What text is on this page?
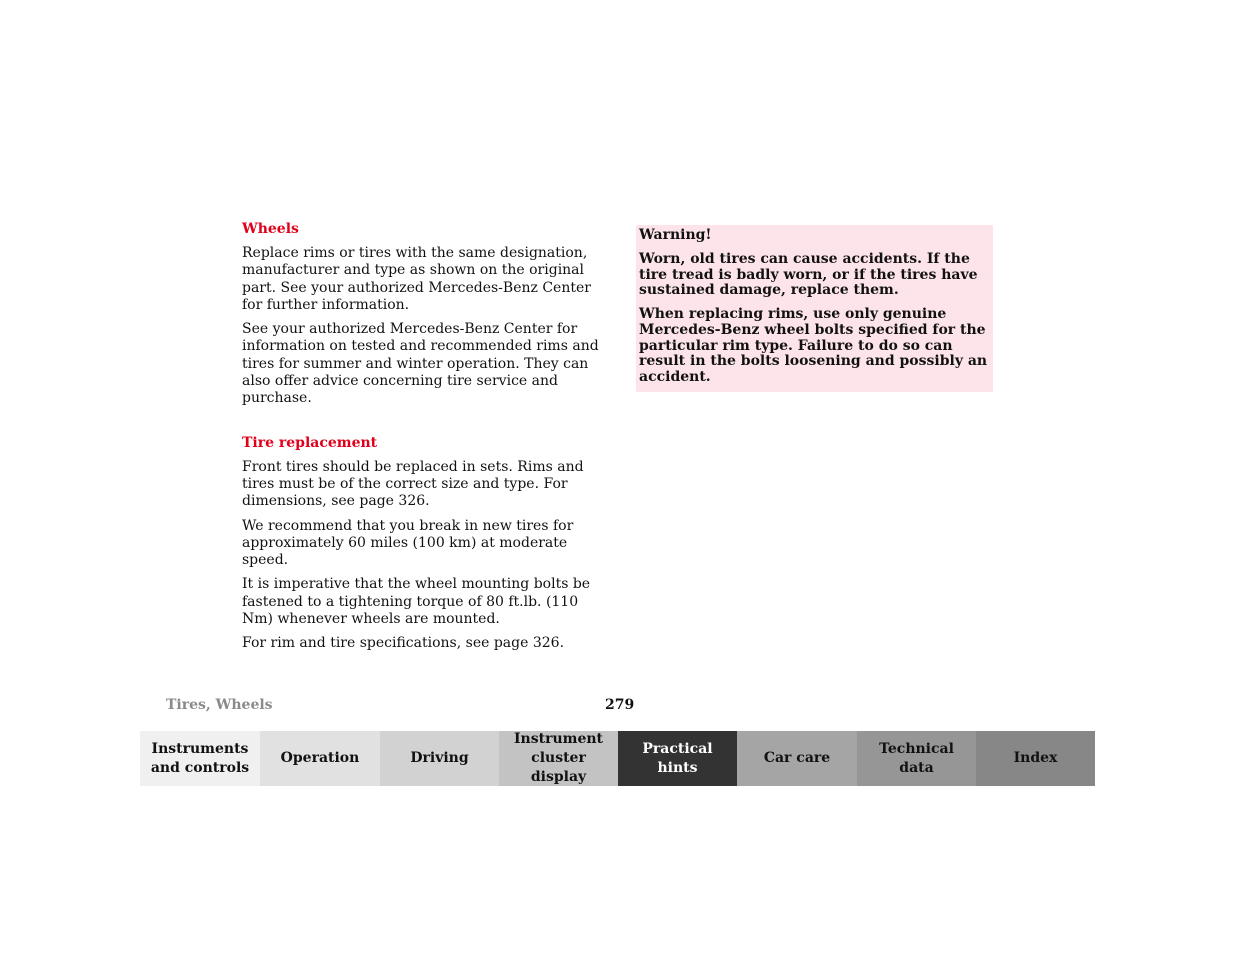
Wheels

Replace rims or tires with the same designation, manufacturer and type as shown on the original part. See your authorized Mercedes-Benz Center for further information.

See your authorized Mercedes-Benz Center for information on tested and recommended rims and tires for summer and winter operation. They can also offer advice concerning tire service and purchase.

Tire replacement

Front tires should be replaced in sets. Rims and tires must be of the correct size and type. For dimensions, see page 326.

We recommend that you break in new tires for approximately 60 miles (100 km) at moderate speed.

It is imperative that the wheel mounting bolts be fastened to a tightening torque of 80 ft.lb. (110 Nm) whenever wheels are mounted.

For rim and tire specifications, see page 326.

Warning!

Worn, old tires can cause accidents. If the tire tread is badly worn, or if the tires have sustained damage, replace them.

When replacing rims, use only genuine Mercedes-Benz wheel bolts specified for the particular rim type. Failure to do so can result in the bolts loosening and possibly an accident.

Tires, Wheels	279
Instruments
and controls
Operation	Driving
Instrument
cluster display
Practical hints
Car care
Technical
data
Index
